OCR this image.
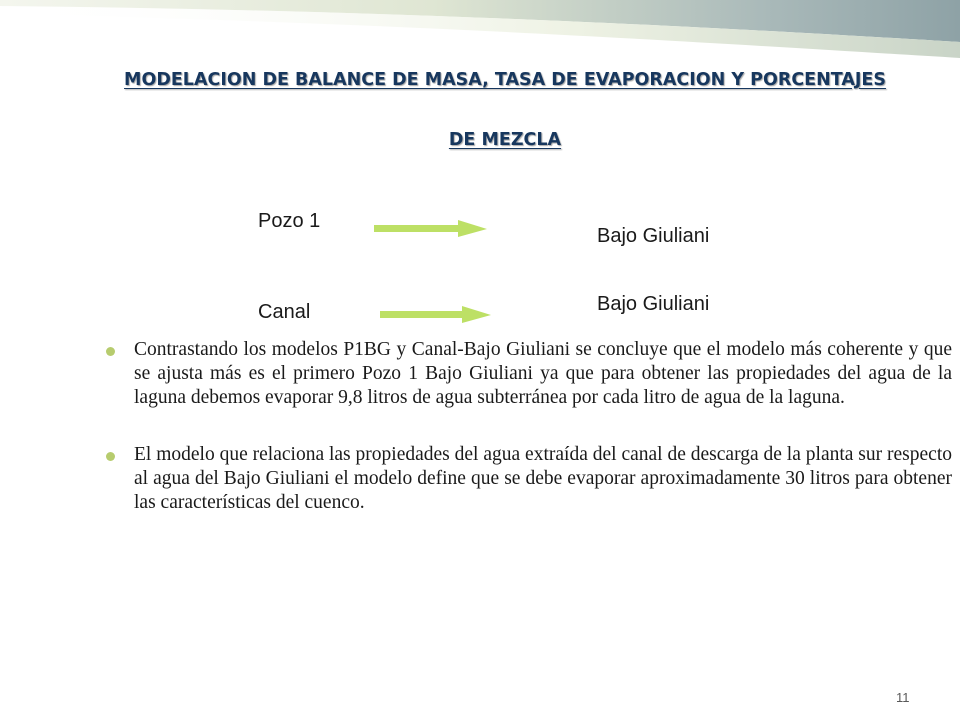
MODELACION DE BALANCE DE MASA, TASA DE EVAPORACION Y PORCENTAJES
DE MEZCLA
Pozo 1
Bajo Giuliani
Bajo Giuliani
Canal
Contrastando los modelos P1BG y Canal-Bajo Giuliani se concluye que el modelo más coherente y que se ajusta más es el primero Pozo 1 Bajo Giuliani ya que para obtener las propiedades del agua de la laguna debemos evaporar 9,8 litros de agua subterránea por cada litro de agua de la laguna.
El modelo que relaciona las propiedades del agua extraída del canal de descarga de la planta sur respecto al agua del Bajo Giuliani el modelo define que se debe evaporar aproximadamente 30 litros para obtener las características del cuenco.
11
